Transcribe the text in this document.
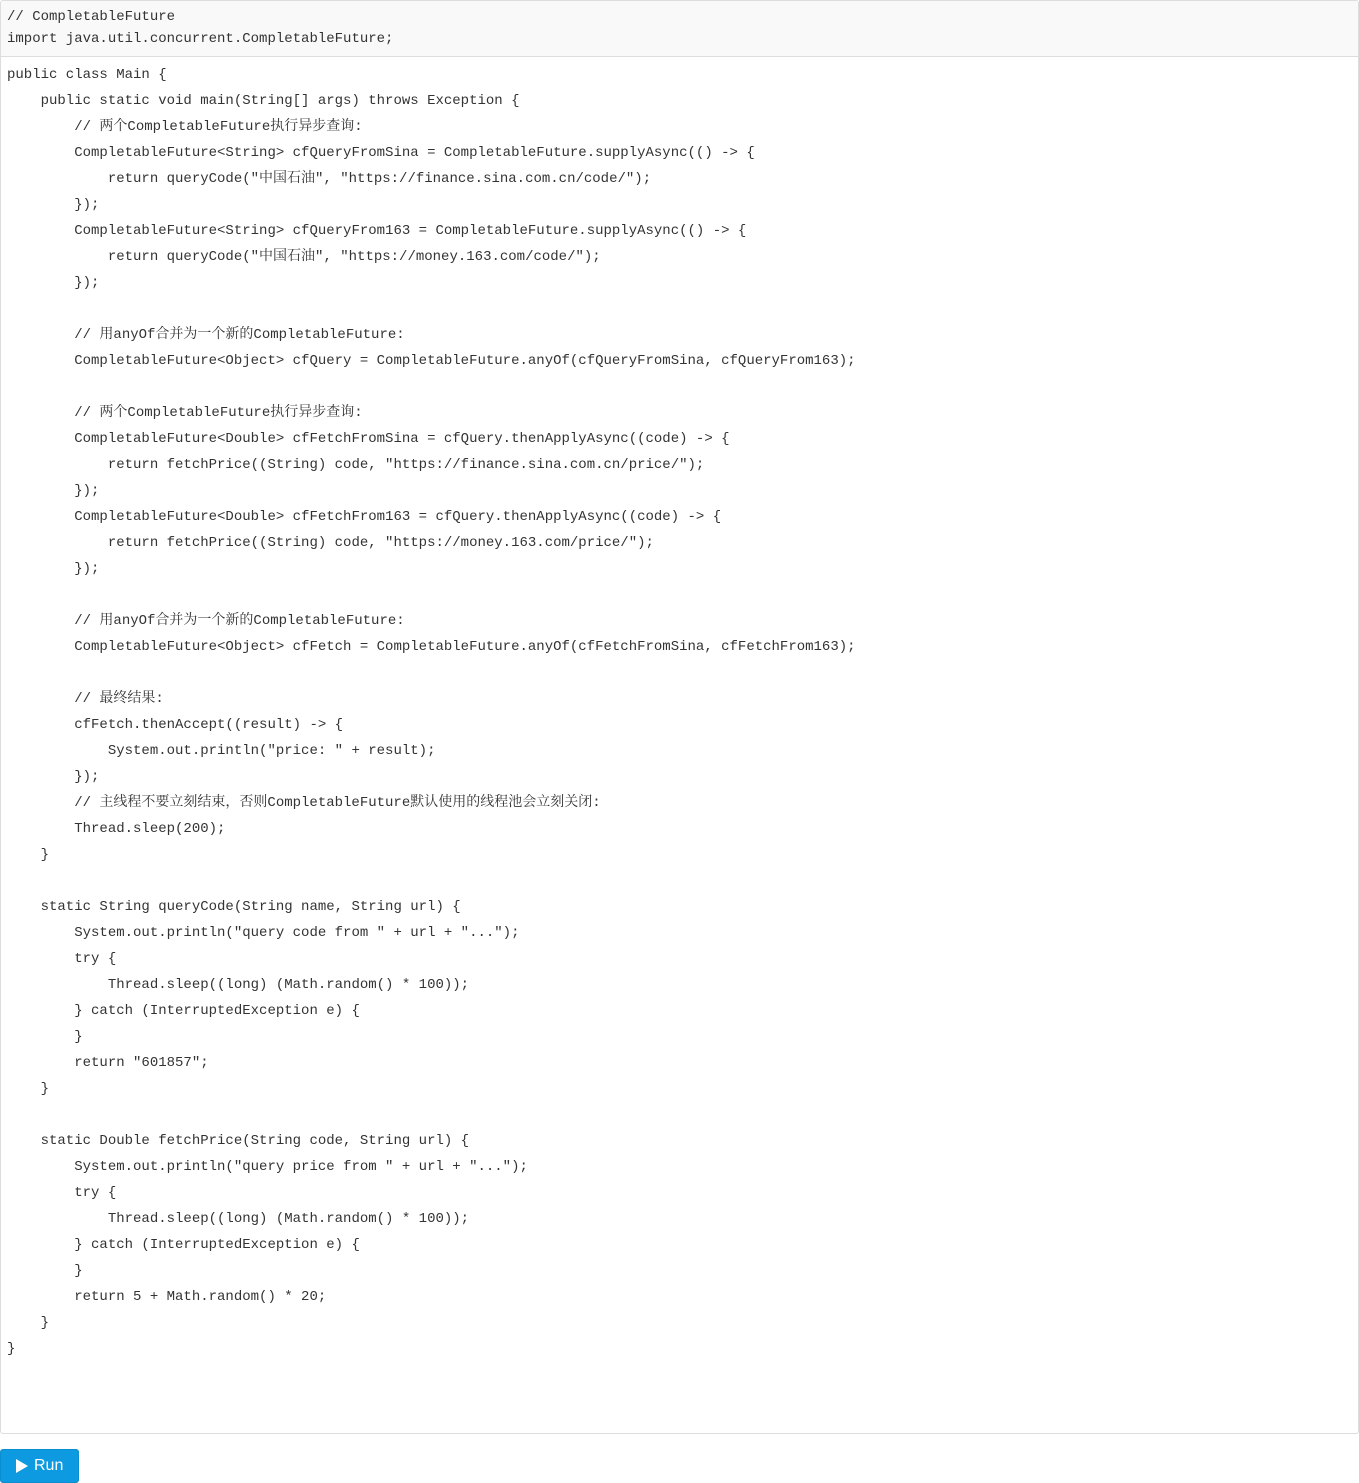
// CompletableFuture
import java.util.concurrent.CompletableFuture;
public class Main {
public static void main(String[] args) throws Exception {
// 两个CompletableFuture执行异步查询:
CompletableFuture<String> cfQueryFromSina = CompletableFuture.supplyAsync(() -> {
return queryCode("中国石油", "https://finance.sina.com.cn/code/");
});
CompletableFuture<String> cfQueryFrom163 = CompletableFuture.supplyAsync(() -> {
return queryCode("中国石油", "https://money.163.com/code/");
});
// 用anyOf合并为一个新的CompletableFuture:
CompletableFuture<Object> cfQuery = CompletableFuture.anyOf(cfQueryFromSina, cfQueryFrom163);
// 两个CompletableFuture执行异步查询:
CompletableFuture<Double> cfFetchFromSina = cfQuery.thenApplyAsync((code) -> {
return fetchPrice((String) code, "https://finance.sina.com.cn/price/");
});
CompletableFuture<Double> cfFetchFrom163 = cfQuery.thenApplyAsync((code) -> {
return fetchPrice((String) code, "https://money.163.com/price/");
});
// 用anyOf合并为一个新的CompletableFuture:
CompletableFuture<Object> cfFetch = CompletableFuture.anyOf(cfFetchFromSina, cfFetchFrom163);
// 最终结果:
cfFetch.thenAccept((result) -> {
System.out.println("price: " + result);
});
// 主线程不要立刻结束，否则CompletableFuture默认使用的线程池会立刻关闭:
Thread.sleep(200);
}
static String queryCode(String name, String url) {
System.out.println("query code from " + url + "...");
try {
Thread.sleep((long) (Math.random() * 100));
} catch (InterruptedException e) {
}
return "601857";
}
static Double fetchPrice(String code, String url) {
System.out.println("query price from " + url + "...");
try {
Thread.sleep((long) (Math.random() * 100));
} catch (InterruptedException e) {
}
return 5 + Math.random() * 20;
}
}
Run
